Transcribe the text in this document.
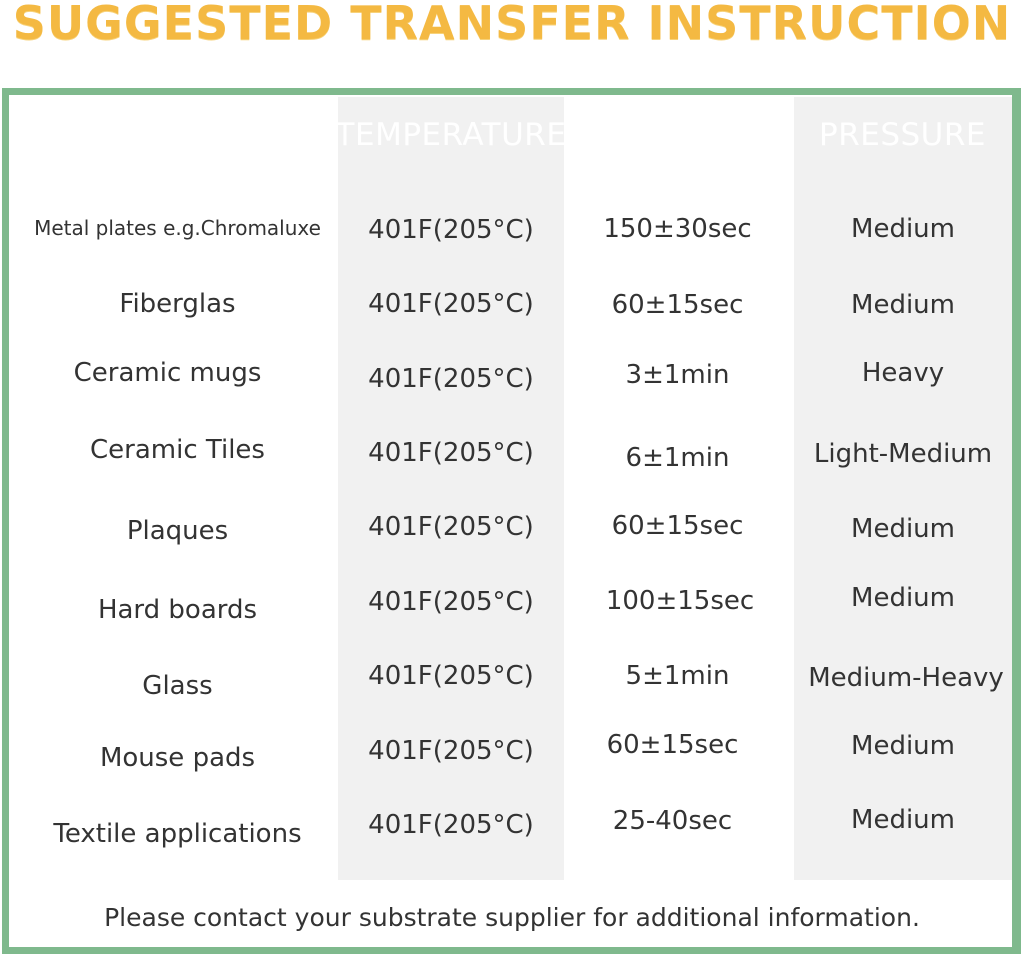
SUGGESTED TRANSFER INSTRUCTION
SUBSTRATES	TEMPERATURE	TIME	PRESSURE
Metal plates e.g.Chromaluxe	401F(205°C)	150±30sec	Medium
Fiberglas	401F(205°C)	60±15sec	Medium
Ceramic mugs	401F(205°C)	3±1min	Heavy
Ceramic Tiles	401F(205°C)	6±1min	Light-Medium
Plaques	401F(205°C)	60±15sec	Medium
Hard boards	401F(205°C)	100±15sec	Medium
Glass	401F(205°C)	5±1min	Medium-Heavy
Mouse pads	401F(205°C)	60±15sec	Medium
Textile applications	401F(205°C)	25-40sec	Medium
Please contact your substrate supplier for additional information.
